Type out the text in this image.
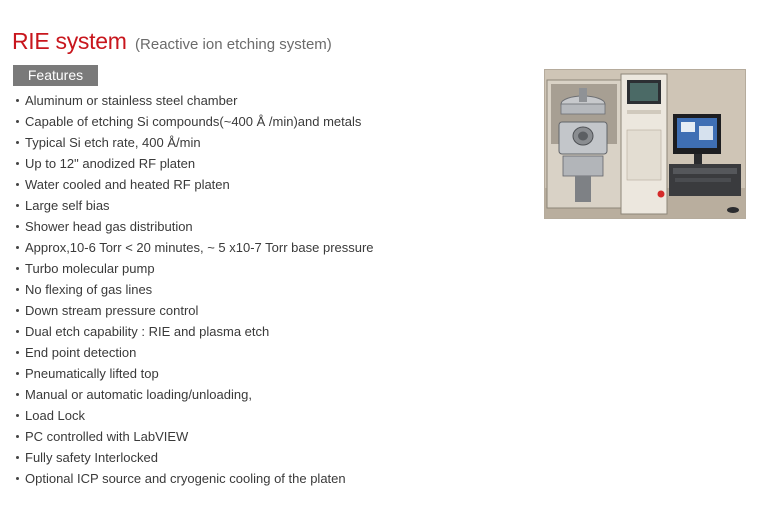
RIE system (Reactive ion etching system)
Features
Aluminum or stainless steel chamber
Capable of etching Si compounds(~400 Å /min)and metals
Typical Si etch rate, 400 Å/min
Up to 12" anodized RF platen
Water cooled and heated RF platen
Large self bias
Shower head gas distribution
Approx,10-6 Torr < 20 minutes, ~ 5 x10-7 Torr base pressure
Turbo molecular pump
No flexing of gas lines
Down stream pressure control
Dual etch capability : RIE and plasma etch
End point detection
Pneumatically lifted top
Manual or automatic loading/unloading,
Load Lock
PC controlled with LabVIEW
Fully safety Interlocked
Optional ICP source and cryogenic cooling of the platen
